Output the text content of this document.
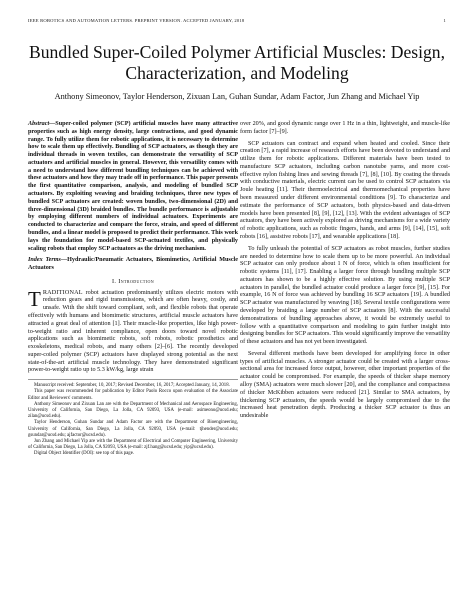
IEEE ROBOTICS AND AUTOMATION LETTERS. PREPRINT VERSION. ACCEPTED JANUARY, 2018	1
Bundled Super-Coiled Polymer Artificial Muscles: Design, Characterization, and Modeling
Anthony Simeonov, Taylor Henderson, Zixuan Lan, Guhan Sundar, Adam Factor, Jun Zhang and Michael Yip

Abstract—Super-coiled polymer (SCP) artificial muscles have many attractive properties such as high energy density, large contractions, and good dynamic range. To fully utilize them for robotic applications, it is necessary to determine how to scale them up effectively. Bundling of SCP actuators, as though they are individual threads in woven textiles, can demonstrate the versatility of SCP actuators and artificial muscles in general. However, this versatility comes with a need to understand how different bundling techniques can be achieved with these actuators and how they may trade off in performance. This paper presents the first quantitative comparison, analysis, and modeling of bundled SCP actuators. By exploiting weaving and braiding techniques, three new types of bundled SCP actuators are created: woven bundles, two-dimensional (2D) and three-dimensional (3D) braided bundles. The bundle performance is adjustable by employing different numbers of individual actuators. Experiments are conducted to characterize and compare the force, strain, and speed of different bundles, and a linear model is proposed to predict their performance. This work lays the foundation for model-based SCP-actuated textiles, and physically scaling robots that employ SCP actuators as the driving mechanism.

Index Terms—Hydraulic/Pneumatic Actuators, Biomimetics, Artificial Muscle Actuators

I. Introduction

TRADITIONAL robot actuation predominantly utilizes electric motors with reduction gears and rigid transmissions, which are often heavy, costly, and unsafe. With the shift toward compliant, soft, and flexible robots that operate effectively with humans and biomimetic structures, artificial muscle actuators have attracted a great deal of attention [1]. Their muscle-like properties, like high power-to-weight ratio and inherent compliance, open doors toward novel robotic applications such as biomimetic robots, soft robots, robotic prosthetics and exoskeletons, medical robots, and many others [2]–[6]. The recently developed super-coiled polymer (SCP) actuators have displayed strong potential as the next state-of-the-art artificial muscle technology. They have demonstrated significant power-to-weight ratio up to 5.3 kW/kg, large strain

Manuscript received: September, 10, 2017; Revised December, 16, 2017; Accepted January, 14, 2018.

This paper was recommended for publication by Editor Paolo Rocco upon evaluation of the Associate Editor and Reviewers' comments.

Anthony Simeonov and Zixuan Lan are with the Department of Mechanical and Aerospace Engineering, University of California, San Diego, La Jolla, CA 92093, USA (e-mail: asimeono@ucsd.edu; zilan@ucsd.edu).

Taylor Henderson, Guhan Sundar and Adam Factor are with the Department of Bioengineering, University of California, San Diego, La Jolla, CA 92093, USA (e-mail: tjhender@ucsd.edu; gsundar@ucsd.edu; ajfactor@ucsd.edu).

Jun Zhang and Michael Yip are with the Department of Electrical and Computer Engineering, University of California, San Diego, La Jolla, CA 92093, USA (e-mail: zjf.hang@ucsd.edu; yip@ucsd.edu).

Digital Object Identifier (DOI): see top of this page.

over 20%, and good dynamic range over 1 Hz in a thin, lightweight, and muscle-like form factor [7]–[9].

SCP actuators can contract and expand when heated and cooled. Since their creation [7], a rapid increase of research efforts have been devoted to understand and utilize them for robotic applications. Different materials have been tested to manufacture SCP actuators, including carbon nanotube yarns, and more cost-effective nylon fishing lines and sewing threads [7], [8], [10]. By coating the threads with conductive materials, electric current can be used to control SCP actuators via Joule heating [11]. Their thermoelectrical and thermomechanical properties have been measured under different environmental conditions [9]. To characterize and estimate the performance of SCP actuators, both physics-based and data-driven models have been presented [8], [9], [12], [13]. With the evident advantages of SCP actuators, they have been actively explored as driving mechanisms for a wide variety of robotic applications, such as robotic fingers, hands, and arms [9], [14], [15], soft robots [16], assistive robots [17], and wearable applications [18].

To fully unleash the potential of SCP actuators as robot muscles, further studies are needed to determine how to scale them up to be more powerful. An individual SCP actuator can only produce about 1 N of force, which is often insufficient for robotic systems [11], [17]. Enabling a larger force through bundling multiple SCP actuators has shown to be a highly effective solution. By using multiple SCP actuators in parallel, the bundled actuator could produce a larger force [9], [15]. For example, 16 N of force was achieved by bundling 16 SCP actuators [19]. A bundled SCP actuator was manufactured by weaving [18]. Several textile configurations were developed by braiding a large number of SCP actuators [8]. With the successful demonstrations of bundling approaches above, it would be extremely useful to follow with a quantitative comparison and modeling to gain further insight into designing bundles for SCP actuators. This would significantly improve the versatility of these actuators and has not yet been investigated.

Several different methods have been developed for amplifying force in other types of artificial muscles. A stronger actuator could be created with a larger cross-sectional area for increased force output, however, other important properties of the actuator could be compromised. For example, the speeds of thicker shape memory alloy (SMA) actuators were much slower [20], and the compliance and compactness of thicker McKibben actuators were reduced [21]. Similar to SMA actuators, by thickening SCP actuators, the speeds would be largely compromised due to the increased heat penetration depth. Producing a thicker SCP actuator is thus an undesirable
